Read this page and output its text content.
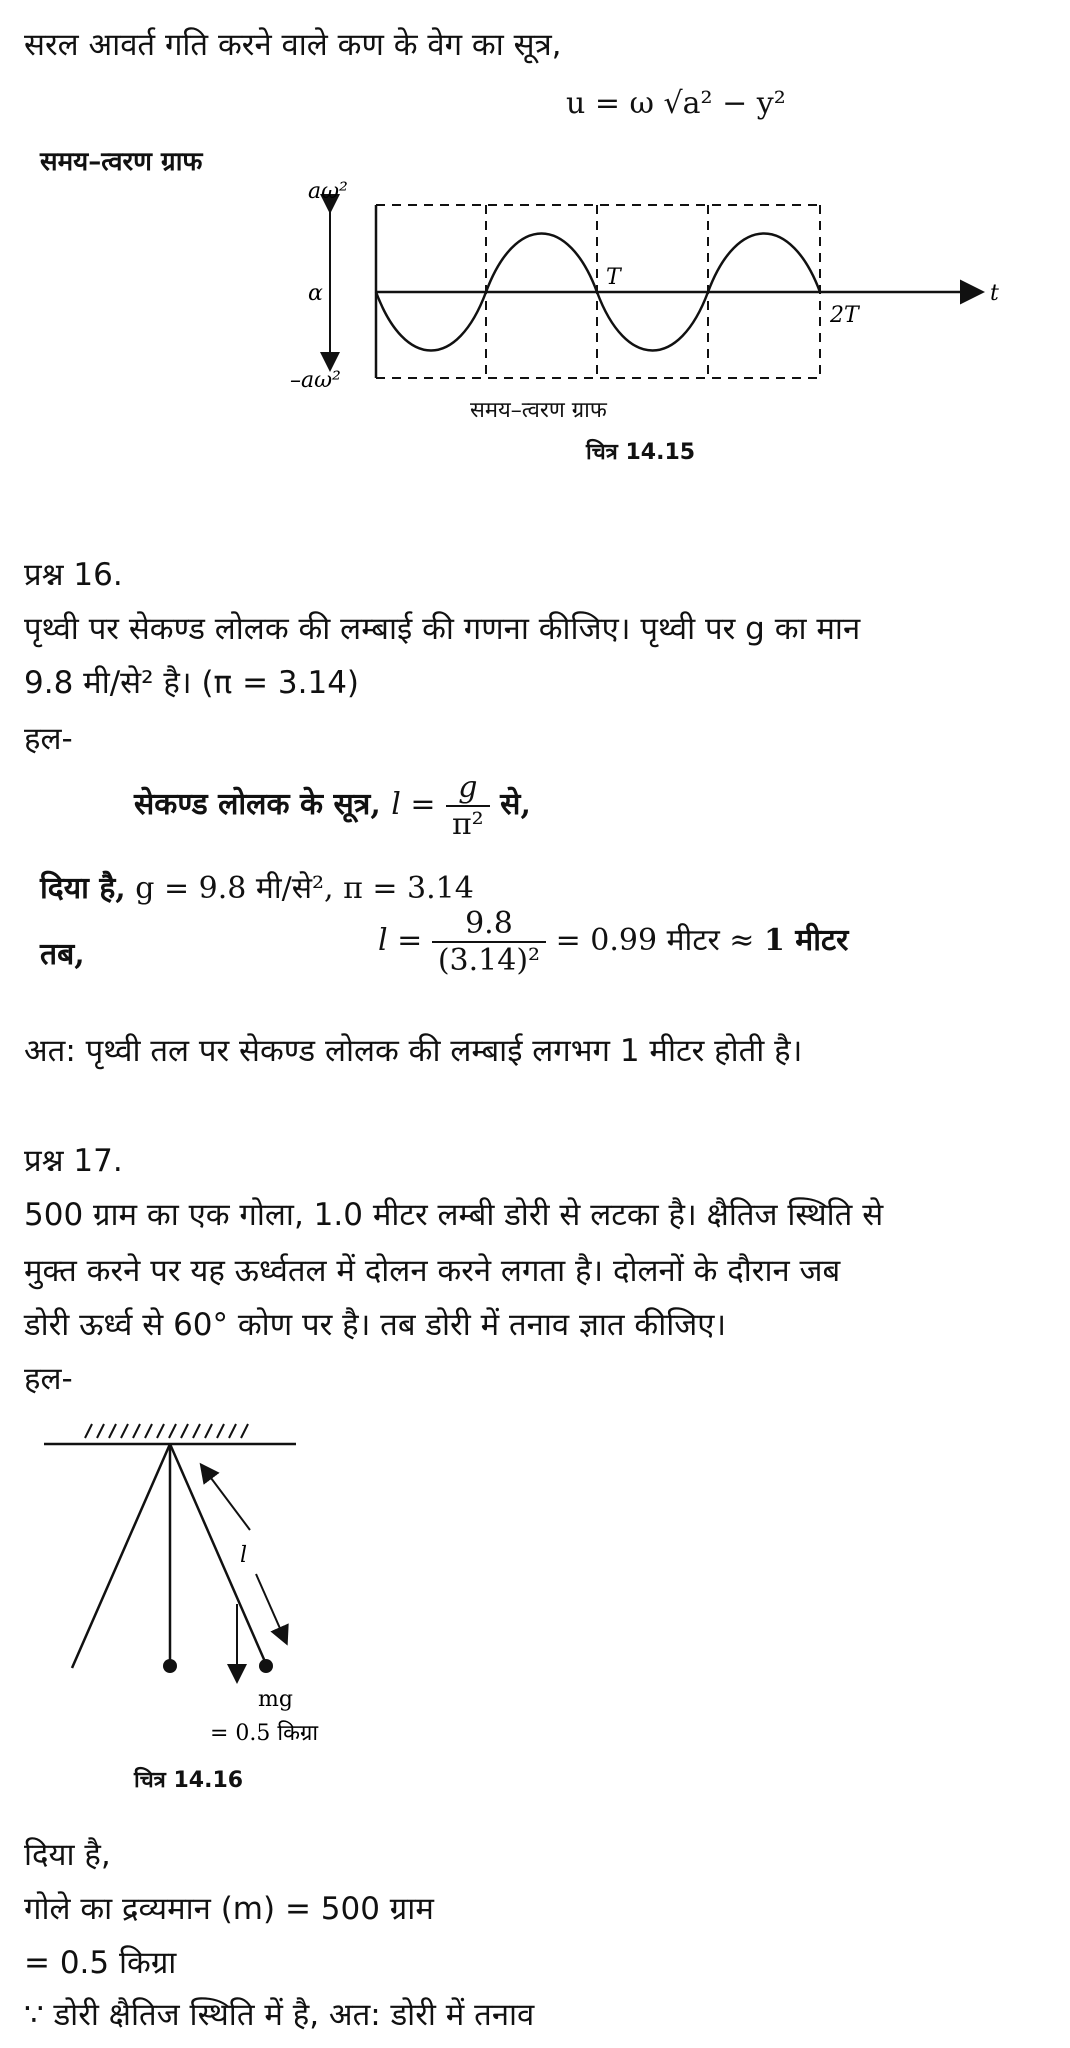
सरल आवर्त गति करने वाले कण के वेग का सूत्र,
u = ω √a² − y²
समय–त्वरण ग्राफ
aω²
α
–aω²
t
T
2T
समय–त्वरण ग्राफ
चित्र 14.15
प्रश्न 16.
पृथ्वी पर सेकण्ड लोलक की लम्बाई की गणना कीजिए। पृथ्वी पर g का मान
9.8 मी/से² है। (π = 3.14)
हल-
सेकण्ड लोलक के सूत्र, $l = \frac{g}{\text{π²}}$ से,
दिया है, g = 9.8 मी/से², π = 3.14
तब,	$l = \frac{9.8}{\text{(3.14)²}} = 0.99$ मीटर ≈ 1 मीटर
अत: पृथ्वी तल पर सेकण्ड लोलक की लम्बाई लगभग 1 मीटर होती है।
प्रश्न 17.
500 ग्राम का एक गोला, 1.0 मीटर लम्बी डोरी से लटका है। क्षैतिज स्थिति से
मुक्त करने पर यह ऊर्ध्वतल में दोलन करने लगता है। दोलनों के दौरान जब
डोरी ऊर्ध्व से 60° कोण पर है। तब डोरी में तनाव ज्ञात कीजिए।
हल-
l
mg
= 0.5 किग्रा
चित्र 14.16
दिया है,
गोले का द्रव्यमान (m) = 500 ग्राम
= 0.5 किग्रा
∵ डोरी क्षैतिज स्थिति में है, अत: डोरी में तनाव
